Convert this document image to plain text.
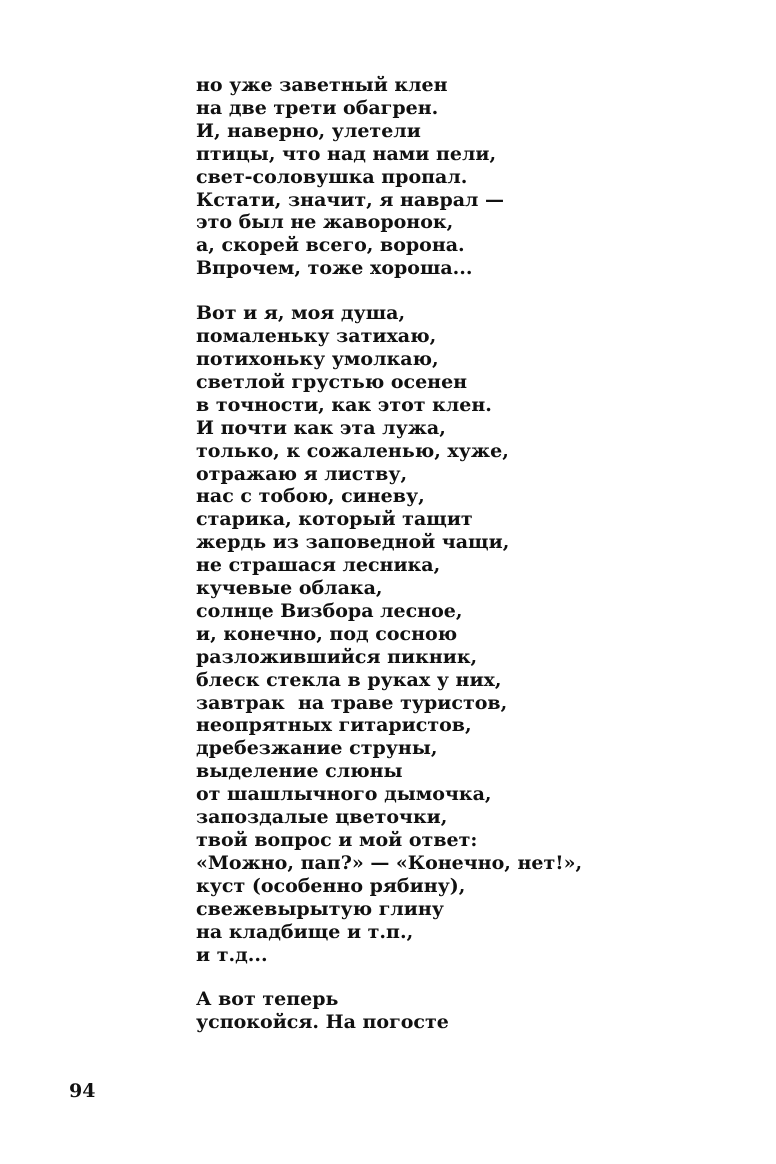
но уже заветный клен
на две трети обагрен.
И, наверно, улетели
птицы, что над нами пели,
свет-соловушка пропал.
Кстати, значит, я наврал —
это был не жаворонок,
а, скорей всего, ворона.
Впрочем, тоже хороша...
Вот и я, моя душа,
помаленьку затихаю,
потихоньку умолкаю,
светлой грустью осенен
в точности, как этот клен.
И почти как эта лужа,
только, к сожаленью, хуже,
отражаю я листву,
нас с тобою, синеву,
старика, который тащит
жердь из заповедной чащи,
не страшася лесника,
кучевые облака,
солнце Визбора лесное,
и, конечно, под сосною
разложившийся пикник,
блеск стекла в руках у них,
завтрак  на траве туристов,
неопрятных гитаристов,
дребезжание струны,
выделение слюны
от шашлычного дымочка,
запоздалые цветочки,
твой вопрос и мой ответ:
«Можно, пап?» — «Конечно, нет!»,
куст (особенно рябину),
свежевырытую глину
на кладбище и т.п.,
и т.д...
А вот теперь
успокойся. На погосте
94
